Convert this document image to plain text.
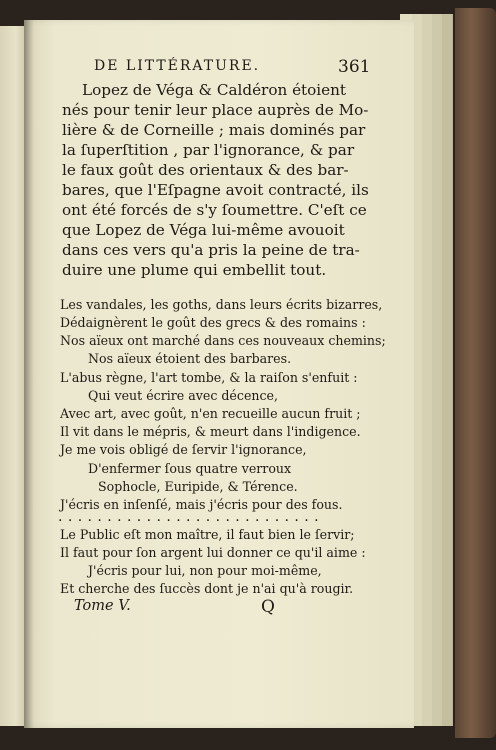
DE LITTÉRATURE.	361
Lopez de Véga & Caldéron étoient
nés pour tenir leur place auprès de Mo-
lière & de Corneille ; mais dominés par
la ſuperſtition , par l'ignorance, & par
le faux goût des orientaux & des bar-
bares, que l'Eſpagne avoit contracté, ils
ont été forcés de s'y ſoumettre. C'eſt ce
que Lopez de Véga lui-même avouoit
dans ces vers qu'a pris la peine de tra-
duire une plume qui embellit tout.
Les vandales, les goths, dans leurs écrits bizarres,
Dédaignèrent le goût des grecs & des romains :
Nos aïeux ont marché dans ces nouveaux chemins;
Nos aïeux étoient des barbares.
L'abus règne, l'art tombe, & la raiſon s'enfuit :
Qui veut écrire avec décence,
Avec art, avec goût, n'en recueille aucun fruit ;
Il vit dans le mépris, & meurt dans l'indigence.
Je me vois obligé de ſervir l'ignorance,
D'enfermer ſous quatre verroux
Sophocle, Euripide, & Térence.
J'écris en inſenſé, mais j'écris pour des fous.
...........................
Le Public eſt mon maître, il faut bien le ſervir;
Il faut pour ſon argent lui donner ce qu'il aime :
J'écris pour lui, non pour moi-même,
Et cherche des ſuccès dont je n'ai qu'à rougir.
Tome V.	Q
